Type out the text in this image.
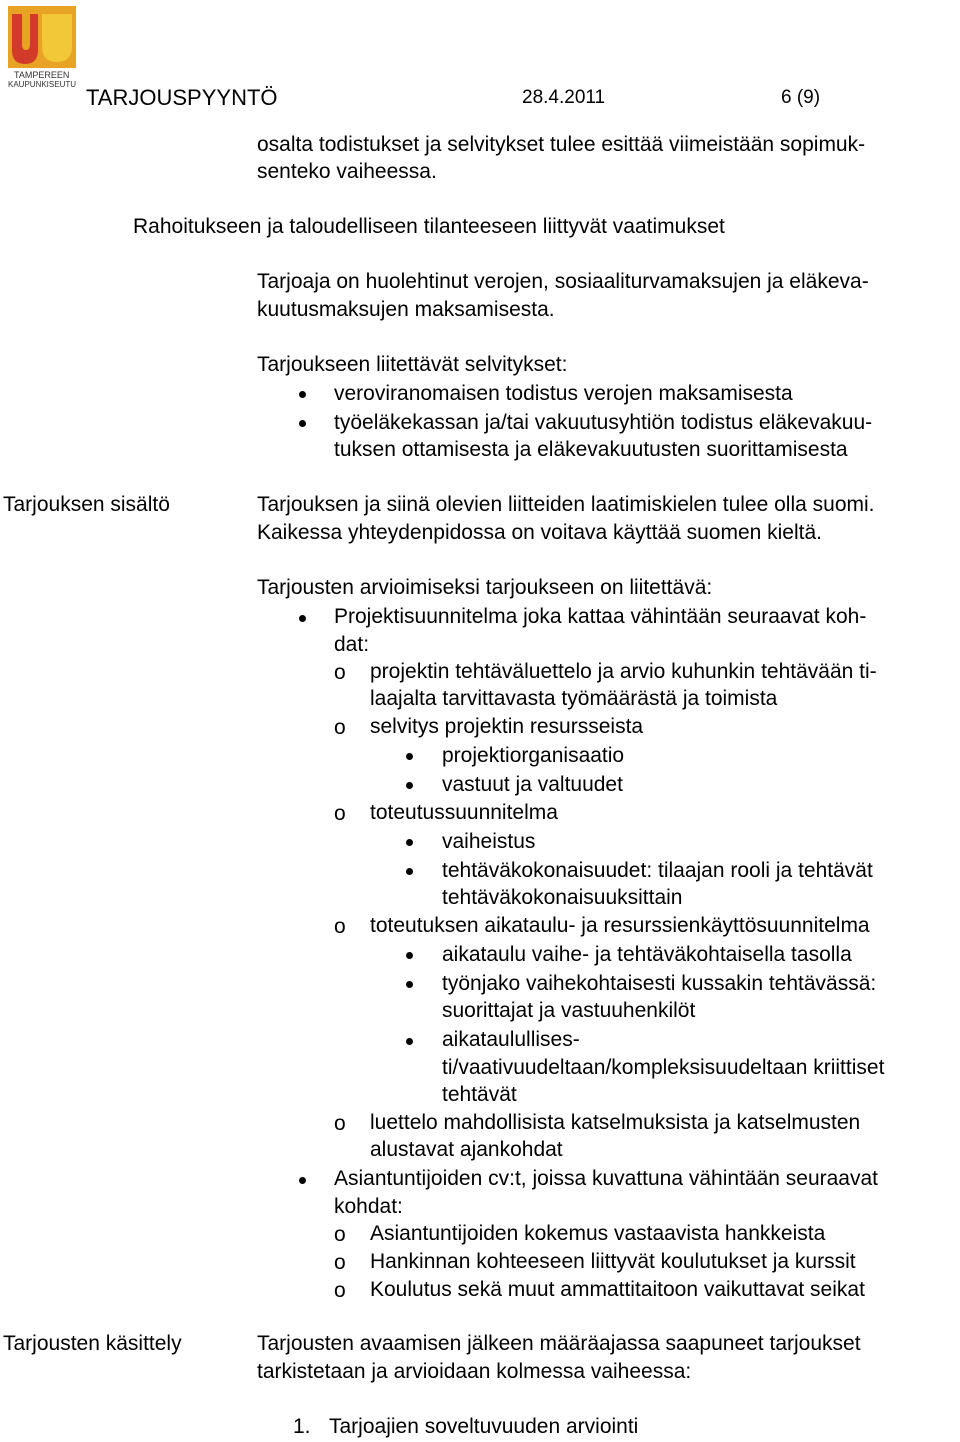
TAMPEREEN
KAUPUNKISEUTU
TARJOUSPYYNTÖ	28.4.2011	6 (9)
osalta todistukset ja selvitykset tulee esittää viimeistään sopimuk-
senteko vaiheessa.
Rahoitukseen ja taloudelliseen tilanteeseen liittyvät vaatimukset
Tarjoaja on huolehtinut verojen, sosiaaliturvamaksujen ja eläkeva-
kuutusmaksujen maksamisesta.
Tarjoukseen liitettävät selvitykset:
veroviranomaisen todistus verojen maksamisesta
työeläkekassan ja/tai vakuutusyhtiön todistus eläkevakuu-
tuksen ottamisesta ja eläkevakuutusten suorittamisesta
Tarjouksen sisältö	Tarjouksen ja siinä olevien liitteiden laatimiskielen tulee olla suomi.
Kaikessa yhteydenpidossa on voitava käyttää suomen kieltä.
Tarjousten arvioimiseksi tarjoukseen on liitettävä:
Projektisuunnitelma joka kattaa vähintään seuraavat koh-
dat:
o projektin tehtäväluettelo ja arvio kuhunkin tehtävään ti-
laajalta tarvittavasta työmäärästä ja toimista
o selvitys projektin resursseista
projektiorganisaatio
vastuut ja valtuudet
o toteutussuunnitelma
vaiheistus
tehtäväkokonaisuudet: tilaajan rooli ja tehtävät
tehtäväkokonaisuuksittain
o toteutuksen aikataulu- ja resurssienkäyttösuunnitelma
aikataulu vaihe- ja tehtäväkohtaisella tasolla
työnjako vaihekohtaisesti kussakin tehtävässä:
suorittajat ja vastuuhenkilöt
aikataulullises-
ti/vaativuudeltaan/kompleksisuudeltaan kriittiset
tehtävät
o luettelo mahdollisista katselmuksista ja katselmusten
alustavat ajankohdat
Asiantuntijoiden cv:t, joissa kuvattuna vähintään seuraavat
kohdat:
o Asiantuntijoiden kokemus vastaavista hankkeista
o Hankinnan kohteeseen liittyvät koulutukset ja kurssit
o Koulutus sekä muut ammattitaitoon vaikuttavat seikat
Tarjousten käsittely	Tarjousten avaamisen jälkeen määräajassa saapuneet tarjoukset
tarkistetaan ja arvioidaan kolmessa vaiheessa:
1. Tarjoajien soveltuvuuden arviointi
